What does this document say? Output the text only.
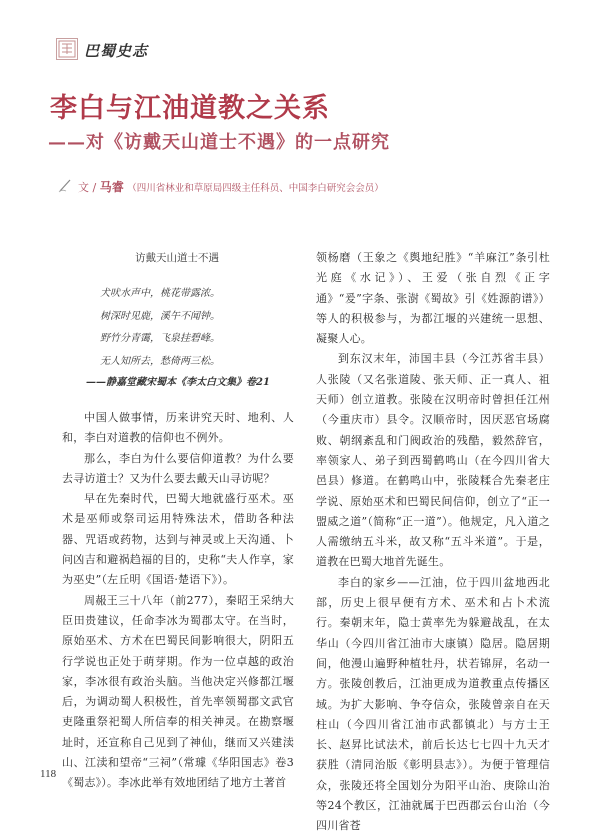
巴蜀史志
李白与江油道教之关系
——对《访戴天山道士不遇》的一点研究
文 / 马睿 （四川省林业和草原局四级主任科员、中国李白研究会会员）
访戴天山道士不遇
犬吠水声中，桃花带露浓。
树深时见鹿，溪午不闻钟。
野竹分青霭，飞泉挂碧峰。
无人知所去，愁倚两三松。
——静嘉堂藏宋蜀本《李太白文集》卷21

中国人做事情，历来讲究天时、地利、人和，李白对道教的信仰也不例外。

那么，李白为什么要信仰道教？为什么要去寻访道士？又为什么要去戴天山寻访呢？

早在先秦时代，巴蜀大地就盛行巫术。巫术是巫师或祭司运用特殊法术，借助各种法器、咒语或药物，达到与神灵或上天沟通、卜问凶吉和避祸趋福的目的，史称“夫人作享，家为巫史”（左丘明《国语·楚语下》）。

周赧王三十八年（前277），秦昭王采纳大臣田贵建议，任命李冰为蜀郡太守。在当时，原始巫术、方术在巴蜀民间影响很大，阴阳五行学说也正处于萌芽期。作为一位卓越的政治家，李冰很有政治头脑。当他决定兴修都江堰后，为调动蜀人积极性，首先率领蜀郡文武官吏隆重祭祀蜀人所信奉的相关神灵。在勘察堰址时，还宣称自己见到了神仙，继而又兴建渎山、江渎和望帝“三祠”（常璩《华阳国志》卷3《蜀志》）。李冰此举有效地团结了地方土著首

领杨磨（王象之《舆地纪胜》“羊麻江”条引杜光庭《水记》）、王爱（张自烈《正字通》“爰”字条、张澍《蜀故》引《姓源韵谱》）等人的积极参与，为都江堰的兴建统一思想、凝聚人心。

到东汉末年，沛国丰县（今江苏省丰县）人张陵（又名张道陵、张天师、正一真人、祖天师）创立道教。张陵在汉明帝时曾担任江州（今重庆市）县令。汉顺帝时，因厌恶官场腐败、朝纲紊乱和门阀政治的残酷，毅然辞官，率领家人、弟子到西蜀鹤鸣山（在今四川省大邑县）修道。在鹤鸣山中，张陵糅合先秦老庄学说、原始巫术和巴蜀民间信仰，创立了“正一盟威之道”（简称“正一道”）。他规定，凡入道之人需缴纳五斗米，故又称“五斗米道”。于是，道教在巴蜀大地首先诞生。

李白的家乡——江油，位于四川盆地西北部，历史上很早便有方术、巫术和占卜术流行。秦朝末年，隐士黄率先为躲避战乱，在太华山（今四川省江油市大康镇）隐居。隐居期间，他漫山遍野种植牡丹，状若锦屏，名动一方。张陵创教后，江油更成为道教重点传播区域。为扩大影响、争夺信众，张陵曾亲自在天柱山（今四川省江油市武都镇北）与方士王长、赵昇比试法术，前后长达七七四十九天才获胜（清同治版《彰明县志》）。为便于管理信众，张陵还将全国划分为阳平山治、庚除山治等24个教区，江油就属于巴西郡云台山治（今四川省苍

118
